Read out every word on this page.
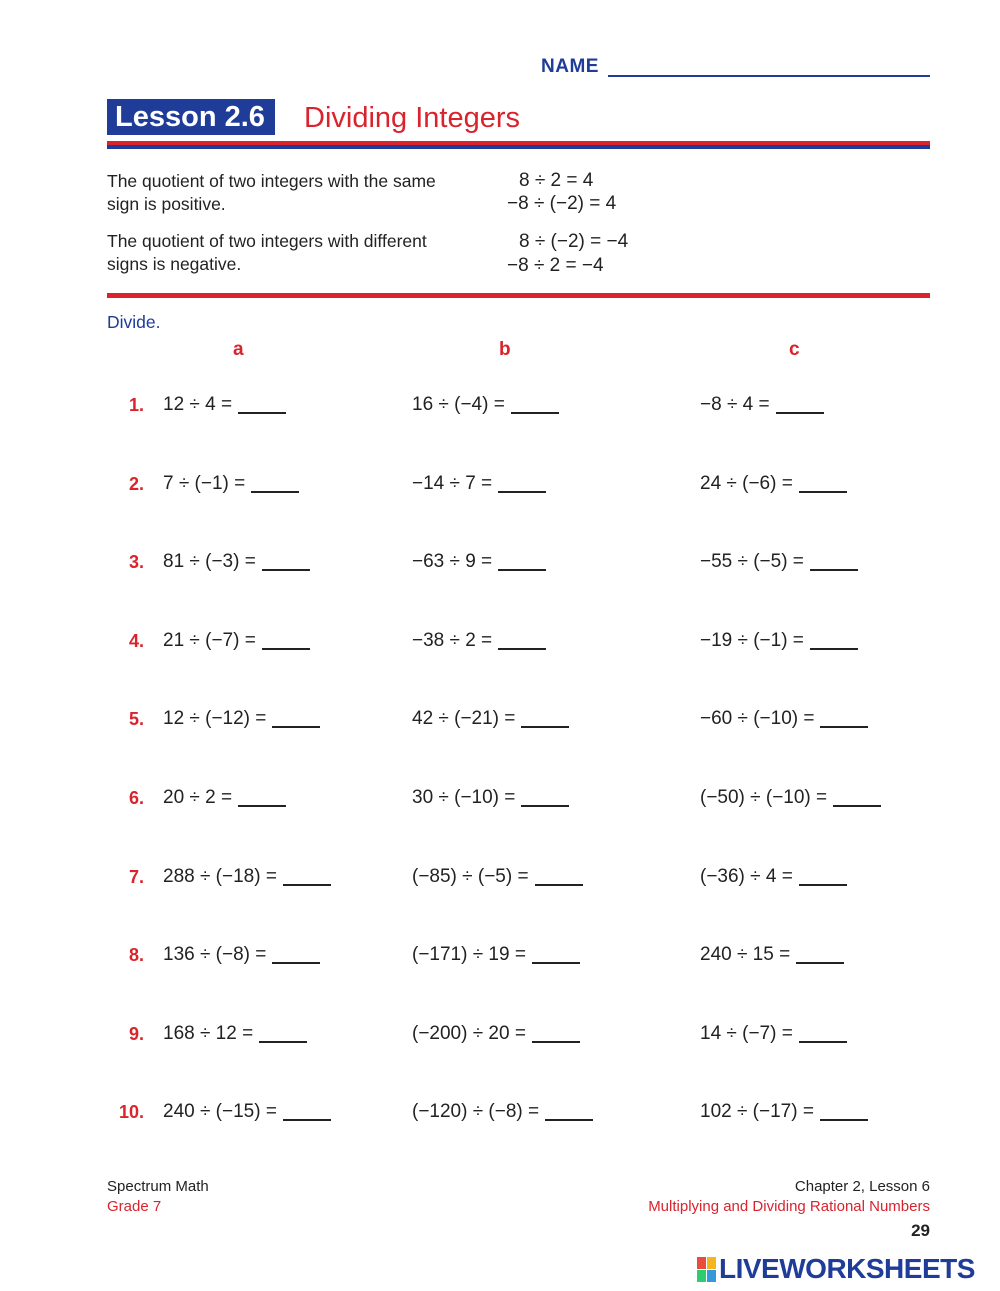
NAME
Lesson 2.6	Dividing Integers
The quotient of two integers with the same sign is positive.
8 ÷ 2 = 4
−8 ÷ (−2) = 4
The quotient of two integers with different signs is negative.
8 ÷ (−2) = −4
−8 ÷ 2 = −4
Divide.
a	b	c
1. 12 ÷ 4 =	16 ÷ (−4) =	−8 ÷ 4 =
2. 7 ÷ (−1) =	−14 ÷ 7 =	24 ÷ (−6) =
3. 81 ÷ (−3) =	−63 ÷ 9 =	−55 ÷ (−5) =
4. 21 ÷ (−7) =	−38 ÷ 2 =	−19 ÷ (−1) =
5. 12 ÷ (−12) =	42 ÷ (−21) =	−60 ÷ (−10) =
6. 20 ÷ 2 =	30 ÷ (−10) =	(−50) ÷ (−10) =
7. 288 ÷ (−18) =	(−85) ÷ (−5) =	(−36) ÷ 4 =
8. 136 ÷ (−8) =	(−171) ÷ 19 =	240 ÷ 15 =
9. 168 ÷ 12 =	(−200) ÷ 20 =	14 ÷ (−7) =
10. 240 ÷ (−15) =	(−120) ÷ (−8) =	102 ÷ (−17) =
Spectrum Math
Grade 7
Chapter 2, Lesson 6
Multiplying and Dividing Rational Numbers
29
LIVEWORKSHEETS
